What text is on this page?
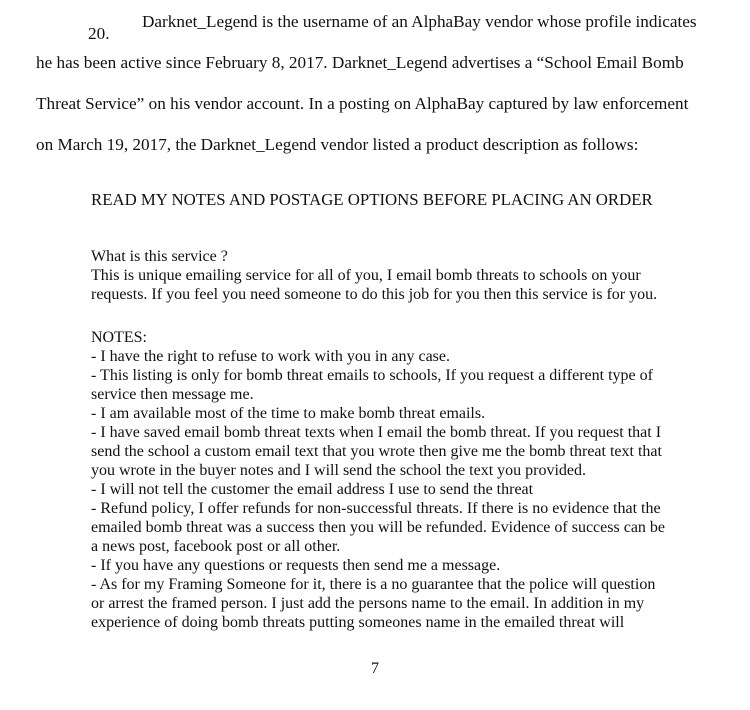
20.
Darknet_Legend is the username of an AlphaBay vendor whose profile indicates
he has been active since February 8, 2017. Darknet_Legend advertises a “School Email Bomb
Threat Service” on his vendor account. In a posting on AlphaBay captured by law enforcement
on March 19, 2017, the Darknet_Legend vendor listed a product description as follows:
READ MY NOTES AND POSTAGE OPTIONS BEFORE PLACING AN ORDER
What is this service ?
This is unique emailing service for all of you, I email bomb threats to schools on your
requests. If you feel you need someone to do this job for you then this service is for you.
NOTES:
- I have the right to refuse to work with you in any case.
- This listing is only for bomb threat emails to schools, If you request a different type of
service then message me.
- I am available most of the time to make bomb threat emails.
- I have saved email bomb threat texts when I email the bomb threat. If you request that I
send the school a custom email text that you wrote then give me the bomb threat text that
you wrote in the buyer notes and I will send the school the text you provided.
- I will not tell the customer the email address I use to send the threat
- Refund policy, I offer refunds for non-successful threats. If there is no evidence that the
emailed bomb threat was a success then you will be refunded. Evidence of success can be
a news post, facebook post or all other.
- If you have any questions or requests then send me a message.
- As for my Framing Someone for it, there is a no guarantee that the police will question
or arrest the framed person. I just add the persons name to the email. In addition in my
experience of doing bomb threats putting someones name in the emailed threat will
7
